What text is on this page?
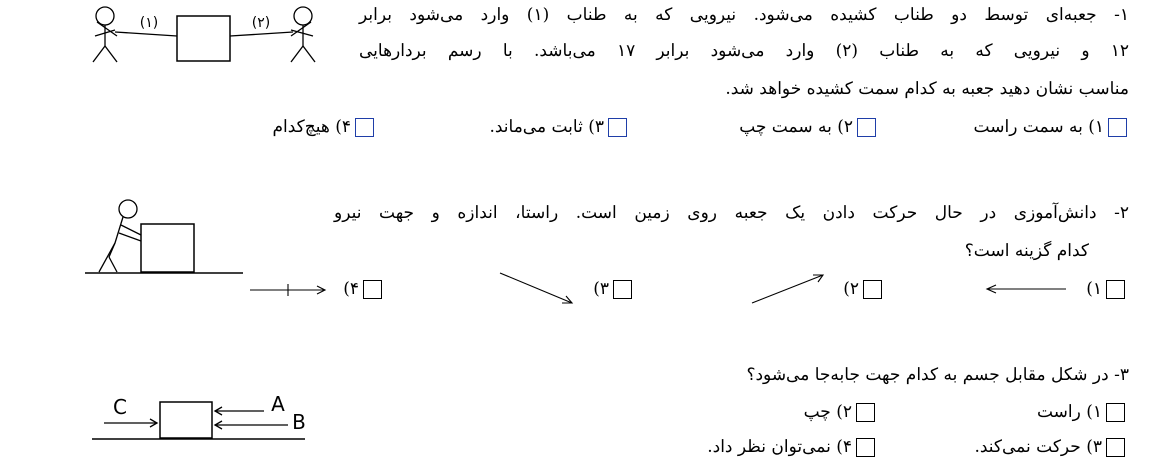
۱- جعبه‌ای توسط دو طناب کشیده می‌شود. نیرویی که به طناب (۱) وارد می‌شود برابر
۱۲ و نیرویی که به طناب (۲) وارد می‌شود برابر ۱۷ می‌باشد. با رسم بردارهایی
مناسب نشان دهید جعبه به کدام سمت کشیده خواهد شد.
۱) به سمت راست
۲) به سمت چپ
۳) ثابت می‌ماند.
۴) هیچ‌کدام
(۱)	(۲)
۲- دانش‌آموزی در حال حرکت دادن یک جعبه روی زمین است. راستا، اندازه و جهت نیرو
کدام گزینه است؟
۱)
۲)
۳)
۴)
۳- در شکل مقابل جسم به کدام جهت جابه‌جا می‌شود؟
۱) راست
۲) چپ
۳) حرکت نمی‌کند.
۴) نمی‌توان نظر داد.
C	A
B
